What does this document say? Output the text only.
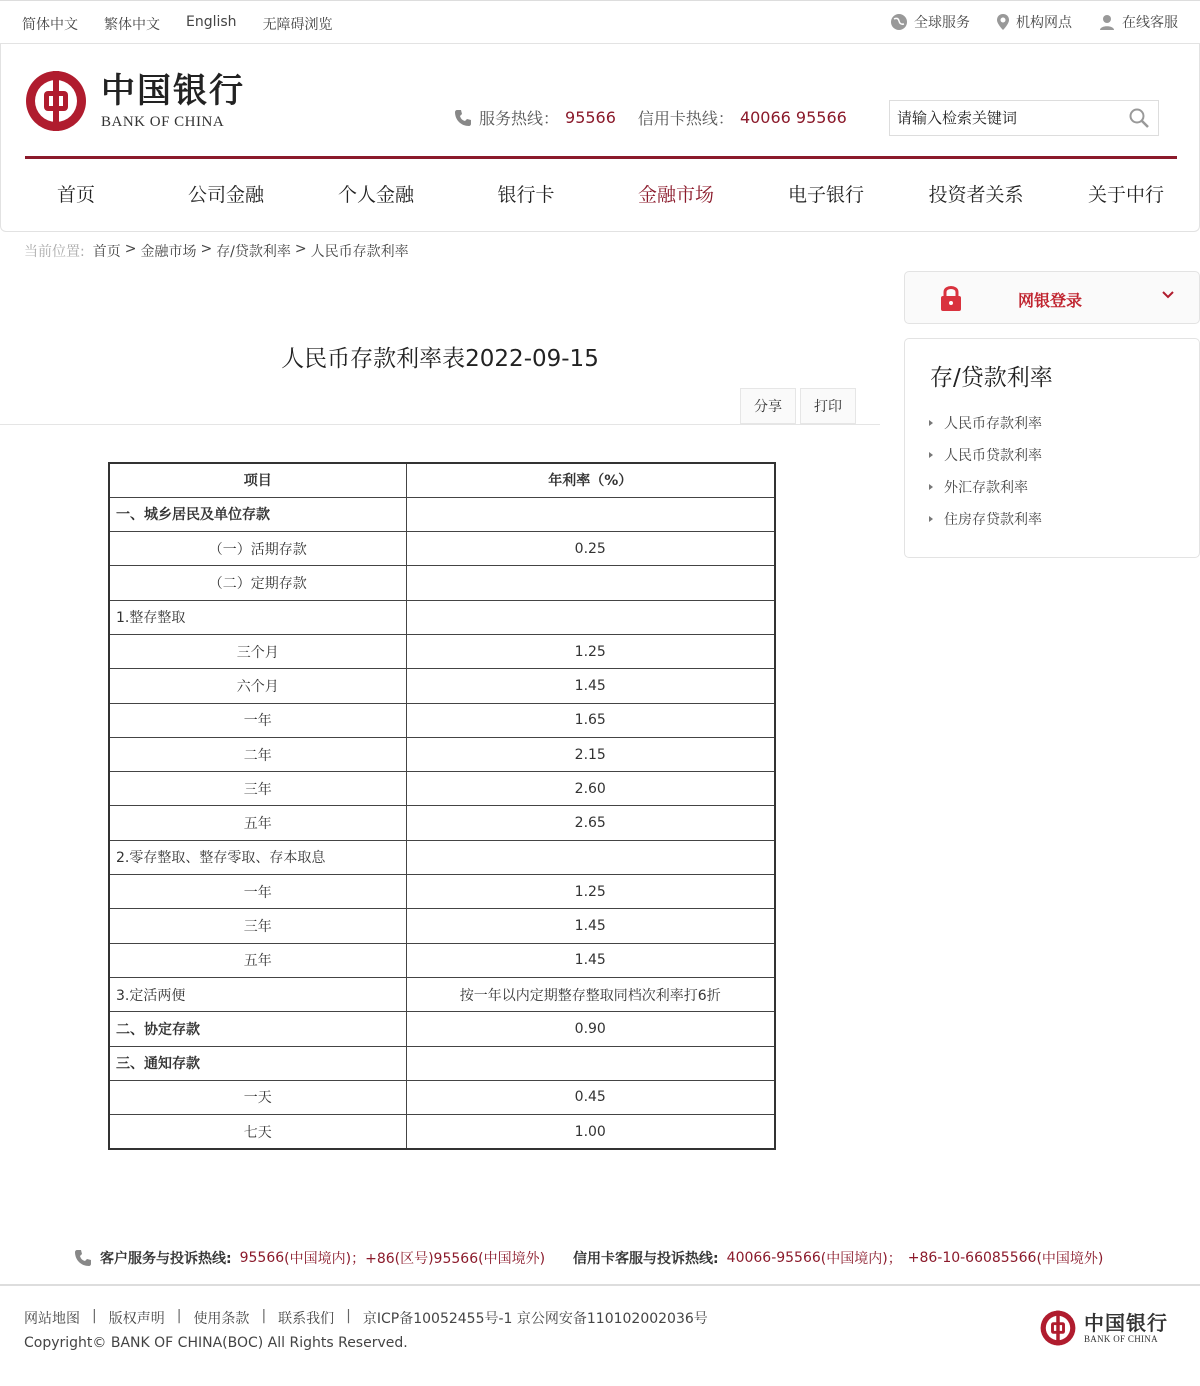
简体中文 繁体中文 English 无障碍浏览	全球服务	机构网点	在线客服
中国银行
BANK OF CHINA	服务热线： 95566 信用卡热线： 40066 95566
请输入检索关键词
首页	公司金融	个人金融	银行卡	金融市场	电子银行	投资者关系	关于中行
当前位置: 首页 > 金融市场 > 存/贷款利率 > 人民币存款利率
人民币存款利率表2022-09-15
分享	打印
项目	年利率（%）
一、城乡居民及单位存款	
（一）活期存款	0.25
（二）定期存款	
1.整存整取	
三个月	1.25
六个月	1.45
一年	1.65
二年	2.15
三年	2.60
五年	2.65
2.零存整取、整存零取、存本取息	
一年	1.25
三年	1.45
五年	1.45
3.定活两便	按一年以内定期整存整取同档次利率打6折
二、协定存款	0.90
三、通知存款	
一天	0.45
七天	1.00
网银登录
存/贷款利率
人民币存款利率
人民币贷款利率
外汇存款利率
住房存贷款利率
客户服务与投诉热线: 95566 (中国境内)； +86(区号)95566 (中国境外) 信用卡客服与投诉热线: 40066-95566 (中国境内)； +86-10-66085566 (中国境外)
网站地图 | 版权声明 | 使用条款 | 联系我们 | 京ICP备10052455号-1 京公网安备110102002036号
Copyright© BANK OF CHINA(BOC) All Rights Reserved.
中国银行
BANK OF CHINA
